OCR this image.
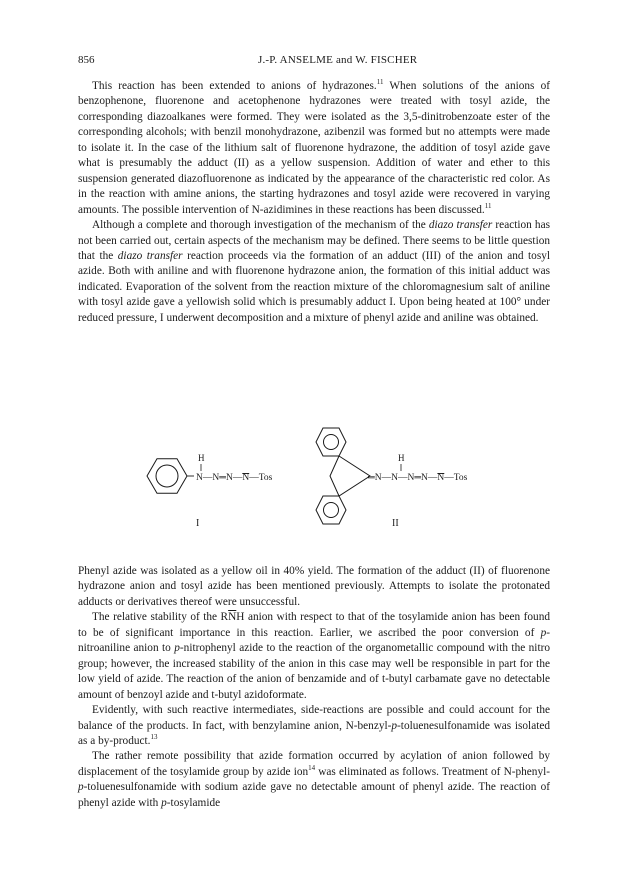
856	J.-P. ANSELME and W. FISCHER

This reaction has been extended to anions of hydrazones.$^{11}$ When solutions of the anions of benzophenone, fluorenone and acetophenone hydrazones were treated with tosyl azide, the corresponding diazoalkanes were formed. They were isolated as the 3,5-dinitrobenzoate ester of the corresponding alcohols; with benzil monohydrazone, azibenzil was formed but no attempts were made to isolate it. In the case of the lithium salt of fluorenone hydrazone, the addition of tosyl azide gave what is presumably the adduct (II) as a yellow suspension. Addition of water and ether to this suspension generated diazofluorenone as indicated by the appearance of the characteristic red color. As in the reaction with amine anions, the starting hydrazones and tosyl azide were recovered in varying amounts. The possible intervention of N-azidimines in these reactions has been discussed.$^{11}$

Although a complete and thorough investigation of the mechanism of the diazo transfer reaction has not been carried out, certain aspects of the mechanism may be defined. There seems to be little question that the diazo transfer reaction proceeds via the formation of an adduct (III) of the anion and tosyl azide. Both with aniline and with fluorenone hydrazone anion, the formation of this initial adduct was indicated. Evaporation of the solvent from the reaction mixture of the chloromagnesium salt of aniline with tosyl azide gave a yellowish solid which is presumably adduct I. Upon being heated at 100° under reduced pressure, I underwent decomposition and a mixture of phenyl azide and aniline was obtained.

H
N—N═N—N—Tos
I
H
═N—N—N═N—N—Tos
II

Phenyl azide was isolated as a yellow oil in 40% yield. The formation of the adduct (II) of fluorenone hydrazone anion and tosyl azide has been mentioned previously. Attempts to isolate the protonated adducts or derivatives thereof were unsuccessful.

The relative stability of the $R\overline{N}H$ anion with respect to that of the tosylamide anion has been found to be of significant importance in this reaction. Earlier, we ascribed the poor conversion of p-nitroaniline anion to p-nitrophenyl azide to the reaction of the organometallic compound with the nitro group; however, the increased stability of the anion in this case may well be responsible in part for the low yield of azide. The reaction of the anion of benzamide and of t-butyl carbamate gave no detectable amount of benzoyl azide and t-butyl azidoformate.

Evidently, with such reactive intermediates, side-reactions are possible and could account for the balance of the products. In fact, with benzylamine anion, N-benzyl-p-toluenesulfonamide was isolated as a by-product.$^{13}$

The rather remote possibility that azide formation occurred by acylation of anion followed by displacement of the tosylamide group by azide ion$^{14}$ was eliminated as follows. Treatment of N-phenyl-p-toluenesulfonamide with sodium azide gave no detectable amount of phenyl azide. The reaction of phenyl azide with p-tosylamide
